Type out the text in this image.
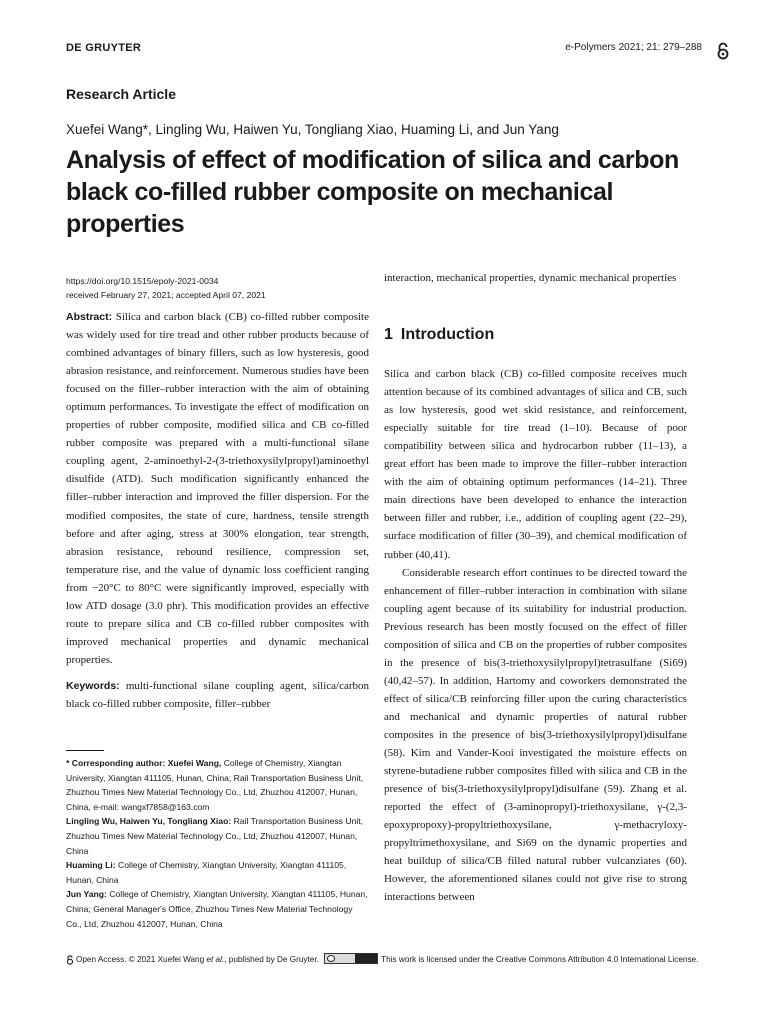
DE GRUYTER	e-Polymers 2021; 21: 279–288
Research Article
Xuefei Wang*, Lingling Wu, Haiwen Yu, Tongliang Xiao, Huaming Li, and Jun Yang
Analysis of effect of modification of silica and carbon black co-filled rubber composite on mechanical properties
https://doi.org/10.1515/epoly-2021-0034
received February 27, 2021; accepted April 07, 2021

Abstract: Silica and carbon black (CB) co-filled rubber composite was widely used for tire tread and other rubber products because of combined advantages of binary fillers, such as low hysteresis, good abrasion resistance, and reinforcement. Numerous studies have been focused on the filler–rubber interaction with the aim of obtaining optimum performances. To investigate the effect of modification on properties of rubber composite, modified silica and CB co-filled rubber composite was prepared with a multi-functional silane coupling agent, 2-aminoethyl-2-(3-triethoxysilylpropyl)aminoethyl disulfide (ATD). Such modification significantly enhanced the filler–rubber interaction and improved the filler dispersion. For the modified composites, the state of cure, hardness, tensile strength before and after aging, stress at 300% elongation, tear strength, abrasion resistance, rebound resilience, compression set, temperature rise, and the value of dynamic loss coefficient ranging from −20°C to 80°C were significantly improved, especially with low ATD dosage (3.0 phr). This modification provides an effective route to prepare silica and CB co-filled rubber composites with improved mechanical properties and dynamic mechanical properties.

Keywords: multi-functional silane coupling agent, silica/carbon black co-filled rubber composite, filler–rubber

* Corresponding author: Xuefei Wang, College of Chemistry, Xiangtan University, Xiangtan 411105, Hunan, China; Rail Transportation Business Unit, Zhuzhou Times New Material Technology Co., Ltd, Zhuzhou 412007, Hunan, China, e-mail: wangxf7858@163.com
Lingling Wu, Haiwen Yu, Tongliang Xiao: Rail Transportation Business Unit, Zhuzhou Times New Material Technology Co., Ltd, Zhuzhou 412007, Hunan, China
Huaming Li: College of Chemistry, Xiangtan University, Xiangtan 411105, Hunan, China
Jun Yang: College of Chemistry, Xiangtan University, Xiangtan 411105, Hunan, China; General Manager's Office, Zhuzhou Times New Material Technology Co., Ltd, Zhuzhou 412007, Hunan, China

interaction, mechanical properties, dynamic mechanical properties

1 Introduction

Silica and carbon black (CB) co-filled composite receives much attention because of its combined advantages of silica and CB, such as low hysteresis, good wet skid resistance, and reinforcement, especially suitable for tire tread (1–10). Because of poor compatibility between silica and hydrocarbon rubber (11–13), a great effort has been made to improve the filler–rubber interaction with the aim of obtaining optimum performances (14–21). Three main directions have been developed to enhance the interaction between filler and rubber, i.e., addition of coupling agent (22–29), surface modification of filler (30–39), and chemical modification of rubber (40,41).

Considerable research effort continues to be directed toward the enhancement of filler–rubber interaction in combination with silane coupling agent because of its suitability for industrial production. Previous research has been mostly focused on the effect of filler composition of silica and CB on the properties of rubber composites in the presence of bis(3-triethoxysilylpropyl)tetrasulfane (Si69) (40,42–57). In addition, Hartomy and coworkers demonstrated the effect of silica/CB reinforcing filler upon the curing characteristics and mechanical and dynamic properties of natural rubber composites in the presence of bis(3-triethoxysilylpropyl)disulfane (58). Kim and Vander-Kooi investigated the moisture effects on styrene-butadiene rubber composites filled with silica and CB in the presence of bis(3-triethoxysilylpropyl)disulfane (59). Zhang et al. reported the effect of (3-aminopropyl)-triethoxysilane, γ-(2,3-epoxypropoxy)-propyltriethoxysilane, γ-methacryloxy-propyltrimethoxysilane, and Si69 on the dynamic properties and heat buildup of silica/CB filled natural rubber vulcanziates (60). However, the aforementioned silanes could not give rise to strong interactions between

Open Access. © 2021 Xuefei Wang et al., published by De Gruyter.	This work is licensed under the Creative Commons Attribution 4.0 International License.
